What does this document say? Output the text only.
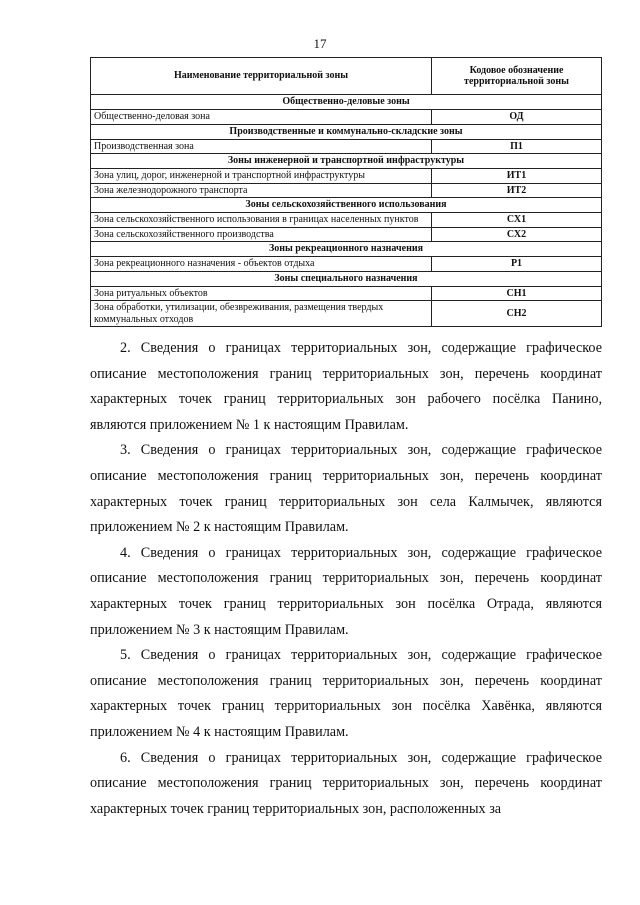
17
Наименование территориальной зоны	Кодовое обозначение территориальной зоны
Общественно-деловые зоны	
Общественно-деловая зона	ОД
Производственные и коммунально-складские зоны	
Производственная зона	П1
Зоны инженерной и транспортной инфраструктуры	
Зона улиц, дорог, инженерной и транспортной инфраструктуры	ИТ1
Зона железнодорожного транспорта	ИТ2
Зоны сельскохозяйственного использования	
Зона сельскохозяйственного использования в границах населенных пунктов	СХ1
Зона сельскохозяйственного производства	СХ2
Зоны рекреационного назначения	
Зона рекреационного назначения - объектов отдыха	Р1
Зоны специального назначения	
Зона ритуальных объектов	СН1
Зона обработки, утилизации, обезвреживания, размещения твердых коммунальных отходов	СН2

2. Сведения о границах территориальных зон, содержащие графическое описание местоположения границ территориальных зон, перечень координат характерных точек границ территориальных зон рабочего посёлка Панино, являются приложением № 1 к настоящим Правилам.

3. Сведения о границах территориальных зон, содержащие графическое описание местоположения границ территориальных зон, перечень координат характерных точек границ территориальных зон села Калмычек, являются приложением № 2 к настоящим Правилам.

4. Сведения о границах территориальных зон, содержащие графическое описание местоположения границ территориальных зон, перечень координат характерных точек границ территориальных зон посёлка Отрада, являются приложением № 3 к настоящим Правилам.

5. Сведения о границах территориальных зон, содержащие графическое описание местоположения границ территориальных зон, перечень координат характерных точек границ территориальных зон посёлка Хавёнка, являются приложением № 4 к настоящим Правилам.

6. Сведения о границах территориальных зон, содержащие графическое описание местоположения границ территориальных зон, перечень координат характерных точек границ территориальных зон, расположенных за
